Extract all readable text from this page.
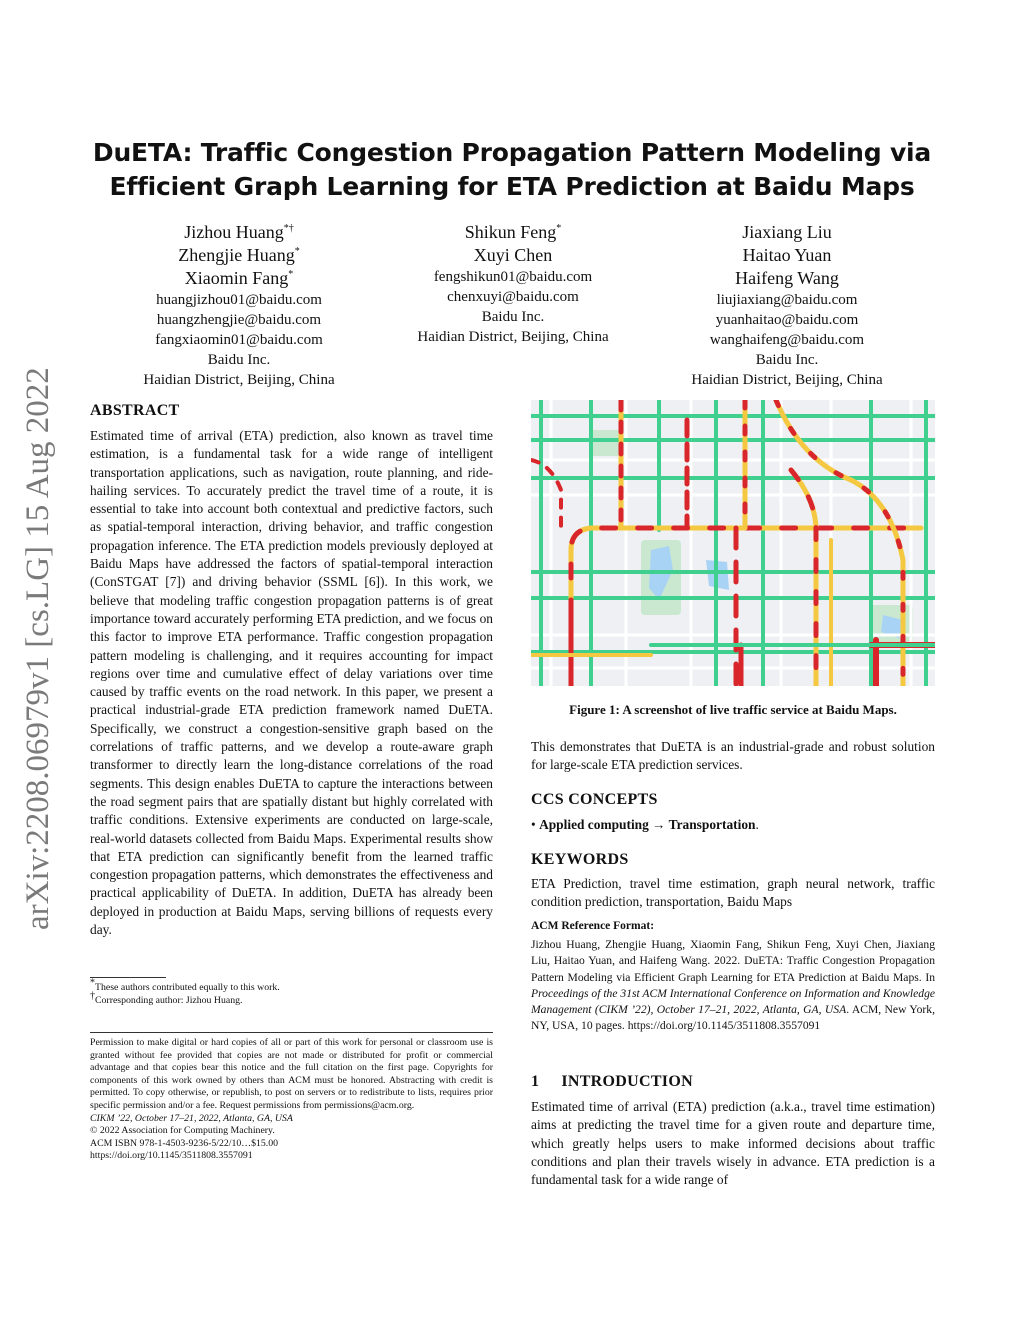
arXiv:2208.06979v1 [cs.LG] 15 Aug 2022
DuETA: Traffic Congestion Propagation Pattern Modeling via
Efficient Graph Learning for ETA Prediction at Baidu Maps
Jizhou Huang*†
Zhengjie Huang*
Xiaomin Fang*
huangjizhou01@baidu.com
huangzhengjie@baidu.com
fangxiaomin01@baidu.com
Baidu Inc.
Haidian District, Beijing, China
Shikun Feng*
Xuyi Chen
fengshikun01@baidu.com
chenxuyi@baidu.com
Baidu Inc.
Haidian District, Beijing, China
Jiaxiang Liu
Haitao Yuan
Haifeng Wang
liujiaxiang@baidu.com
yuanhaitao@baidu.com
wanghaifeng@baidu.com
Baidu Inc.
Haidian District, Beijing, China
ABSTRACT
Estimated time of arrival (ETA) prediction, also known as travel time estimation, is a fundamental task for a wide range of intelligent transportation applications, such as navigation, route planning, and ride-hailing services. To accurately predict the travel time of a route, it is essential to take into account both contextual and predictive factors, such as spatial-temporal interaction, driving behavior, and traffic congestion propagation inference. The ETA prediction models previously deployed at Baidu Maps have addressed the factors of spatial-temporal interaction (ConSTGAT [7]) and driving behavior (SSML [6]). In this work, we believe that modeling traffic congestion propagation patterns is of great importance toward accurately performing ETA prediction, and we focus on this factor to improve ETA performance. Traffic congestion propagation pattern modeling is challenging, and it requires accounting for impact regions over time and cumulative effect of delay variations over time caused by traffic events on the road network. In this paper, we present a practical industrial-grade ETA prediction framework named DuETA. Specifically, we construct a congestion-sensitive graph based on the correlations of traffic patterns, and we develop a route-aware graph transformer to directly learn the long-distance correlations of the road segments. This design enables DuETA to capture the interactions between the road segment pairs that are spatially distant but highly correlated with traffic conditions. Extensive experiments are conducted on large-scale, real-world datasets collected from Baidu Maps. Experimental results show that ETA prediction can significantly benefit from the learned traffic congestion propagation patterns, which demonstrates the effectiveness and practical applicability of DuETA. In addition, DuETA has already been deployed in production at Baidu Maps, serving billions of requests every day.
*These authors contributed equally to this work.
†Corresponding author: Jizhou Huang.
Permission to make digital or hard copies of all or part of this work for personal or classroom use is granted without fee provided that copies are not made or distributed for profit or commercial advantage and that copies bear this notice and the full citation on the first page. Copyrights for components of this work owned by others than ACM must be honored. Abstracting with credit is permitted. To copy otherwise, or republish, to post on servers or to redistribute to lists, requires prior specific permission and/or a fee. Request permissions from permissions@acm.org.
CIKM ’22, October 17–21, 2022, Atlanta, GA, USA
© 2022 Association for Computing Machinery.
ACM ISBN 978-1-4503-9236-5/22/10…$15.00
https://doi.org/10.1145/3511808.3557091
Figure 1: A screenshot of live traffic service at Baidu Maps.
This demonstrates that DuETA is an industrial-grade and robust solution for large-scale ETA prediction services.
CCS CONCEPTS
• Applied computing → Transportation.
KEYWORDS
ETA Prediction, travel time estimation, graph neural network, traffic condition prediction, transportation, Baidu Maps
ACM Reference Format:
Jizhou Huang, Zhengjie Huang, Xiaomin Fang, Shikun Feng, Xuyi Chen, Jiaxiang Liu, Haitao Yuan, and Haifeng Wang. 2022. DuETA: Traffic Congestion Propagation Pattern Modeling via Efficient Graph Learning for ETA Prediction at Baidu Maps. In Proceedings of the 31st ACM International Conference on Information and Knowledge Management (CIKM ’22), October 17–21, 2022, Atlanta, GA, USA. ACM, New York, NY, USA, 10 pages. https://doi.org/10.1145/3511808.3557091
1 INTRODUCTION
Estimated time of arrival (ETA) prediction (a.k.a., travel time estimation) aims at predicting the travel time for a given route and departure time, which greatly helps users to make informed decisions about traffic conditions and plan their travels wisely in advance. ETA prediction is a fundamental task for a wide range of
